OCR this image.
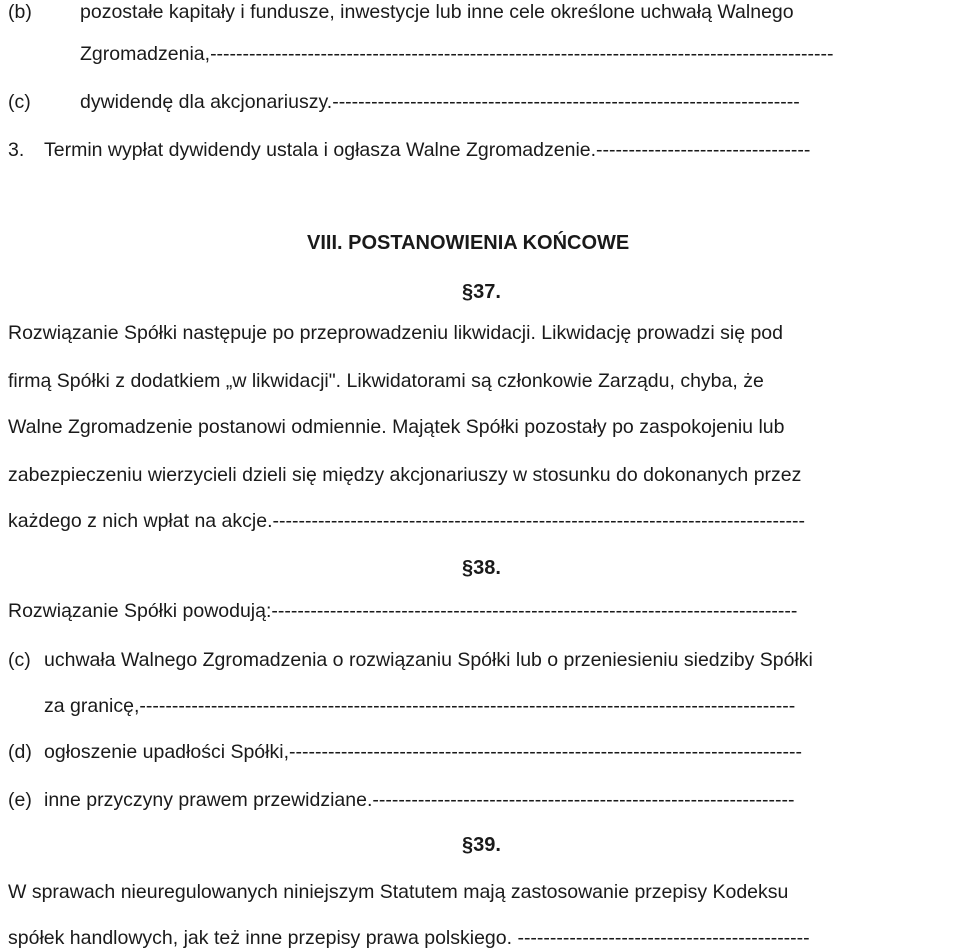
(b) pozostałe kapitały i fundusze, inwestycje lub inne cele określone uchwałą Walnego
Zgromadzenia,------------------------------------------------------------------------------------------------
(c)	dywidendę dla akcjonariuszy.------------------------------------------------------------------------
3. Termin wypłat dywidendy ustala i ogłasza Walne Zgromadzenie.---------------------------------
VIII. POSTANOWIENIA KOŃCOWE
§37.
Rozwiązanie Spółki następuje po przeprowadzeniu likwidacji. Likwidację prowadzi się pod
firmą Spółki z dodatkiem „w likwidacji". Likwidatorami są członkowie Zarządu, chyba, że
Walne Zgromadzenie postanowi odmiennie. Majątek Spółki pozostały po zaspokojeniu lub
zabezpieczeniu wierzycieli dzieli się między akcjonariuszy w stosunku do dokonanych przez
każdego z nich wpłat na akcje.----------------------------------------------------------------------------------
§38.
Rozwiązanie Spółki powodują:---------------------------------------------------------------------------------
(c) uchwała Walnego Zgromadzenia o rozwiązaniu Spółki lub o przeniesieniu siedziby Spółki
za granicę,-----------------------------------------------------------------------------------------------------
(d) ogłoszenie upadłości Spółki,-------------------------------------------------------------------------------
(e) inne przyczyny prawem przewidziane.-----------------------------------------------------------------
§39.
W sprawach nieuregulowanych niniejszym Statutem mają zastosowanie przepisy Kodeksu
spółek handlowych, jak też inne przepisy prawa polskiego. ---------------------------------------------
